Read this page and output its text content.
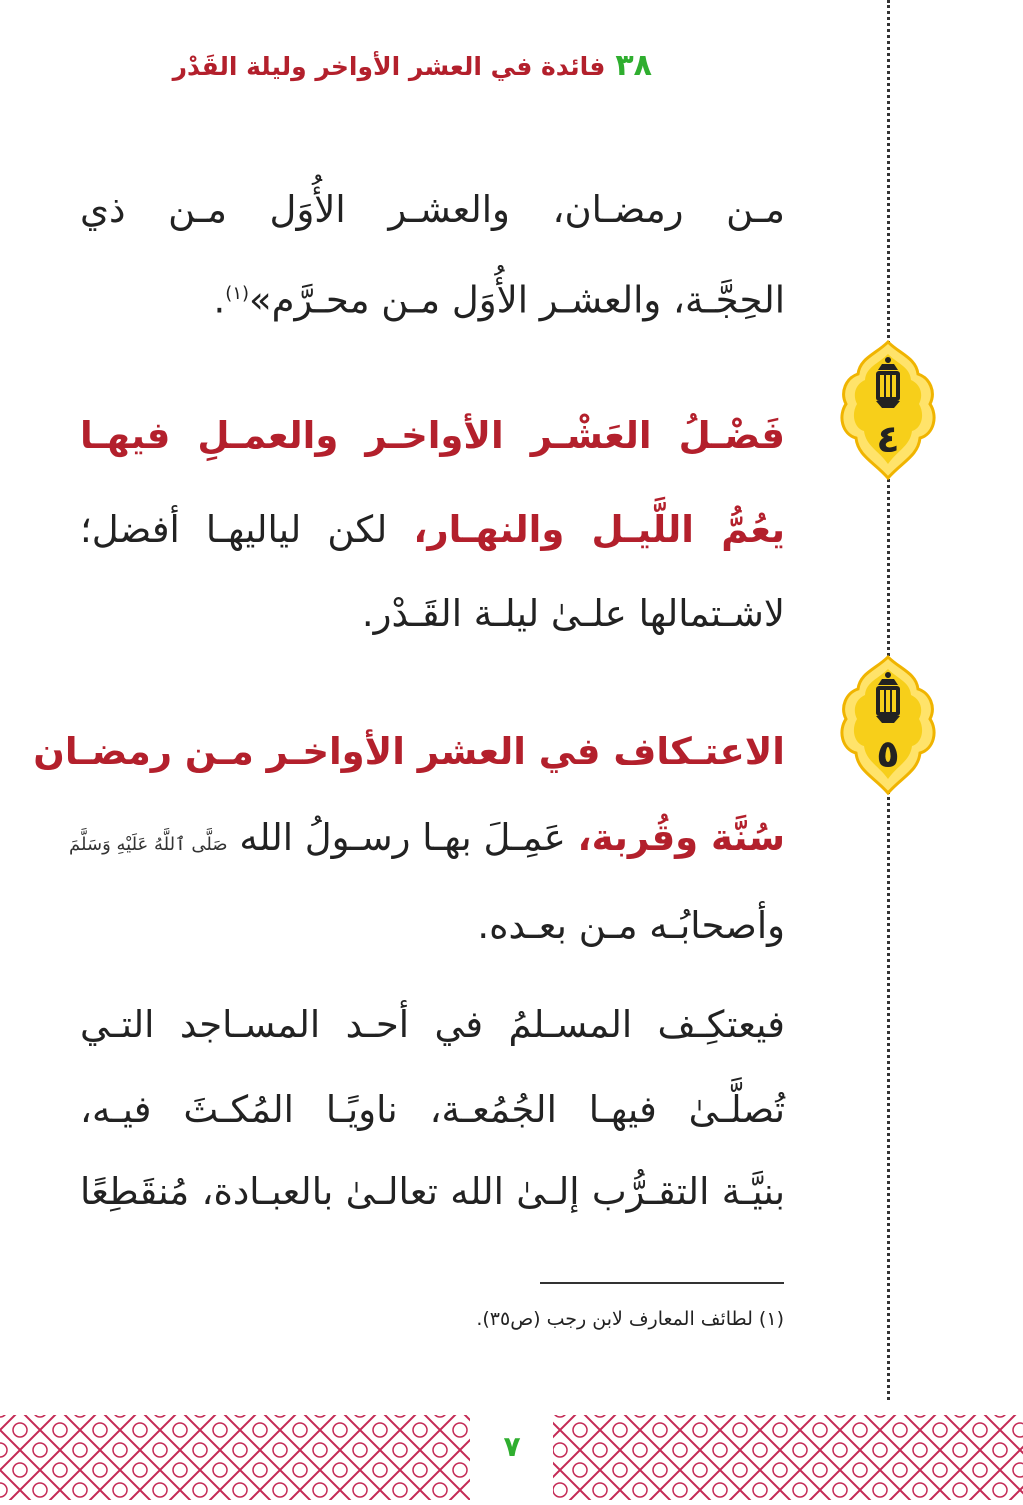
٣٨فائدة في العشر الأواخر وليلة القَدْر
مـن رمضـان، والعشـر الأُوَل مـن ذي
الحِجَّـة، والعشـر الأُوَل مـن محـرَّم»$^{(١)}$.
٤
فَضْـلُ العَشْـر الأواخـر والعمـلِ فيهـا
يعُمُّ اللَّيـل والنهـار، لكن لياليهـا أفضل؛
لاشـتمالها علـىٰ ليلـة القَـدْر.
٥
الاعتـكاف في العشر الأواخـر مـن رمضـان
سُنَّة وقُربة، عَمِـلَ بهـا رسـولُ الله صَلَّى ٱللَّهُ عَلَيْهِ وَسَلَّمَ
وأصحابُـه مـن بعـده.
فيعتكِـف المسـلمُ في أحـد المسـاجد التـي
تُصلَّـىٰ فيهـا الجُمُعـة، ناويًـا المُكـثَ فيـه،
بنيَّـة التقـرُّب إلـىٰ الله تعالـىٰ بالعبـادة، مُنقَطِعًا
(١) لطائف المعارف لابن رجب (ص٣٥).
٧
